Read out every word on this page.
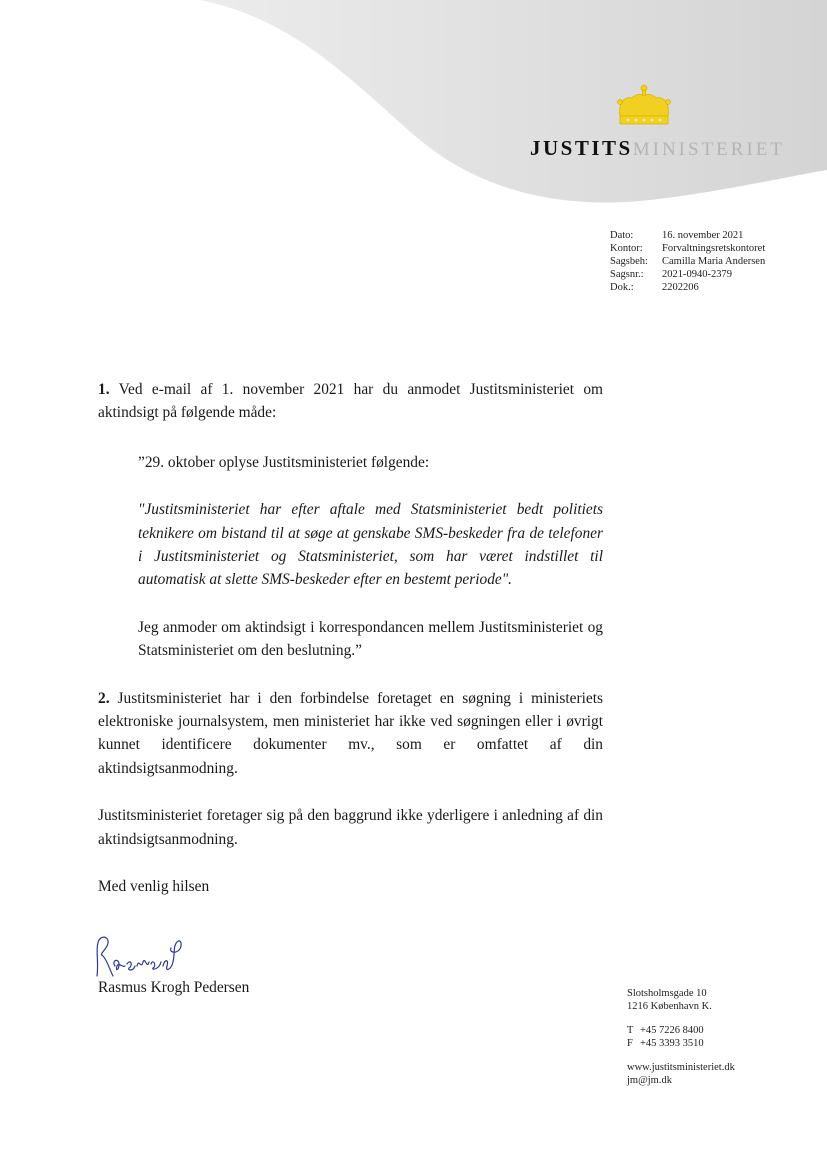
JUSTITSMINISTERIET
Dato:	16. november 2021
Kontor:	Forvaltningsretskontoret
Sagsbeh:	Camilla Maria Andersen
Sagsnr.:	2021-0940-2379
Dok.:	2202206

1. Ved e-mail af 1. november 2021 har du anmodet Justitsministeriet om aktindsigt på følgende måde:

”29. oktober oplyse Justitsministeriet følgende:

"Justitsministeriet har efter aftale med Statsministeriet bedt politiets teknikere om bistand til at søge at genskabe SMS-beskeder fra de telefoner i Justitsministeriet og Statsministeriet, som har været indstillet til automatisk at slette SMS-beskeder efter en bestemt periode".

Jeg anmoder om aktindsigt i korrespondancen mellem Justitsministeriet og Statsministeriet om den beslutning.”

2. Justitsministeriet har i den forbindelse foretaget en søgning i ministeriets elektroniske journalsystem, men ministeriet har ikke ved søgningen eller i øvrigt kunnet identificere dokumenter mv., som er omfattet af din aktindsigtsanmodning.

Justitsministeriet foretager sig på den baggrund ikke yderligere i anledning af din aktindsigtsanmodning.

Med venlig hilsen

Rasmus Krogh Pedersen	Slotsholmsgade 10
1216 København K.
T +45 7226 8400
F +45 3393 3510
www.justitsministeriet.dk
jm@jm.dk
